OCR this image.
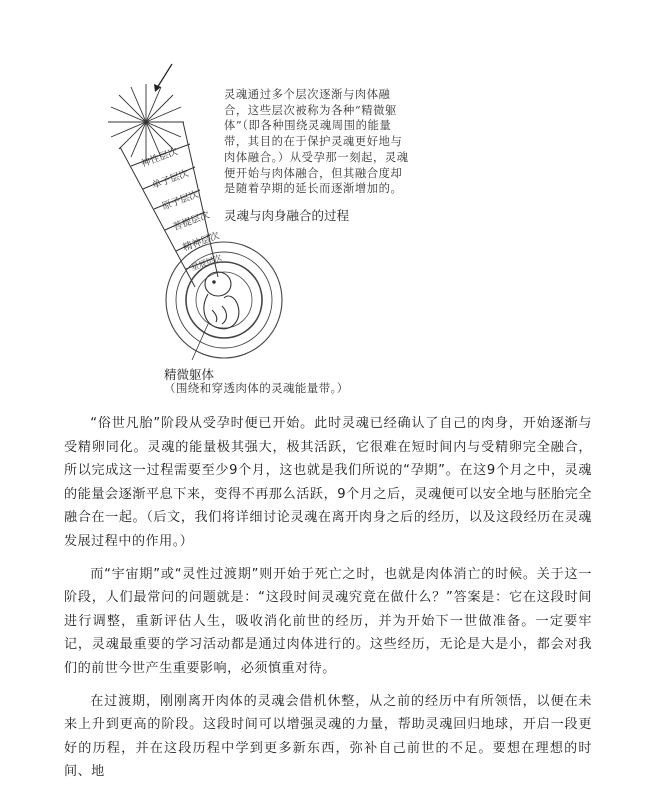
神性层次
单子层次
原子层次
菩提层次
精神层次
星辰层次

灵魂通过多个层次逐渐与肉体融合，这些层次被称为各种“精微躯体”（即各种围绕灵魂周围的能量带，其目的在于保护灵魂更好地与肉体融合。）从受孕那一刻起，灵魂便开始与肉体融合，但其融合度却是随着孕期的延长而逐渐增加的。

灵魂与肉身融合的过程
精微躯体
（围绕和穿透肉体的灵魂能量带。）

“俗世凡胎”阶段从受孕时便已开始。此时灵魂已经确认了自己的肉身，开始逐渐与受精卵同化。灵魂的能量极其强大，极其活跃，它很难在短时间内与受精卵完全融合，所以完成这一过程需要至少9个月，这也就是我们所说的“孕期”。在这9个月之中，灵魂的能量会逐渐平息下来，变得不再那么活跃，9个月之后，灵魂便可以安全地与胚胎完全融合在一起。（后文，我们将详细讨论灵魂在离开肉身之后的经历，以及这段经历在灵魂发展过程中的作用。）

而“宇宙期”或“灵性过渡期”则开始于死亡之时，也就是肉体消亡的时候。关于这一阶段，人们最常问的问题就是：“这段时间灵魂究竟在做什么？”答案是：它在这段时间进行调整，重新评估人生，吸收消化前世的经历，并为开始下一世做准备。一定要牢记，灵魂最重要的学习活动都是通过肉体进行的。这些经历，无论是大是小，都会对我们的前世今世产生重要影响，必须慎重对待。

在过渡期，刚刚离开肉体的灵魂会借机休整，从之前的经历中有所领悟，以便在未来上升到更高的阶段。这段时间可以增强灵魂的力量，帮助灵魂回归地球，开启一段更好的历程，并在这段历程中学到更多新东西，弥补自己前世的不足。要想在理想的时间、地
